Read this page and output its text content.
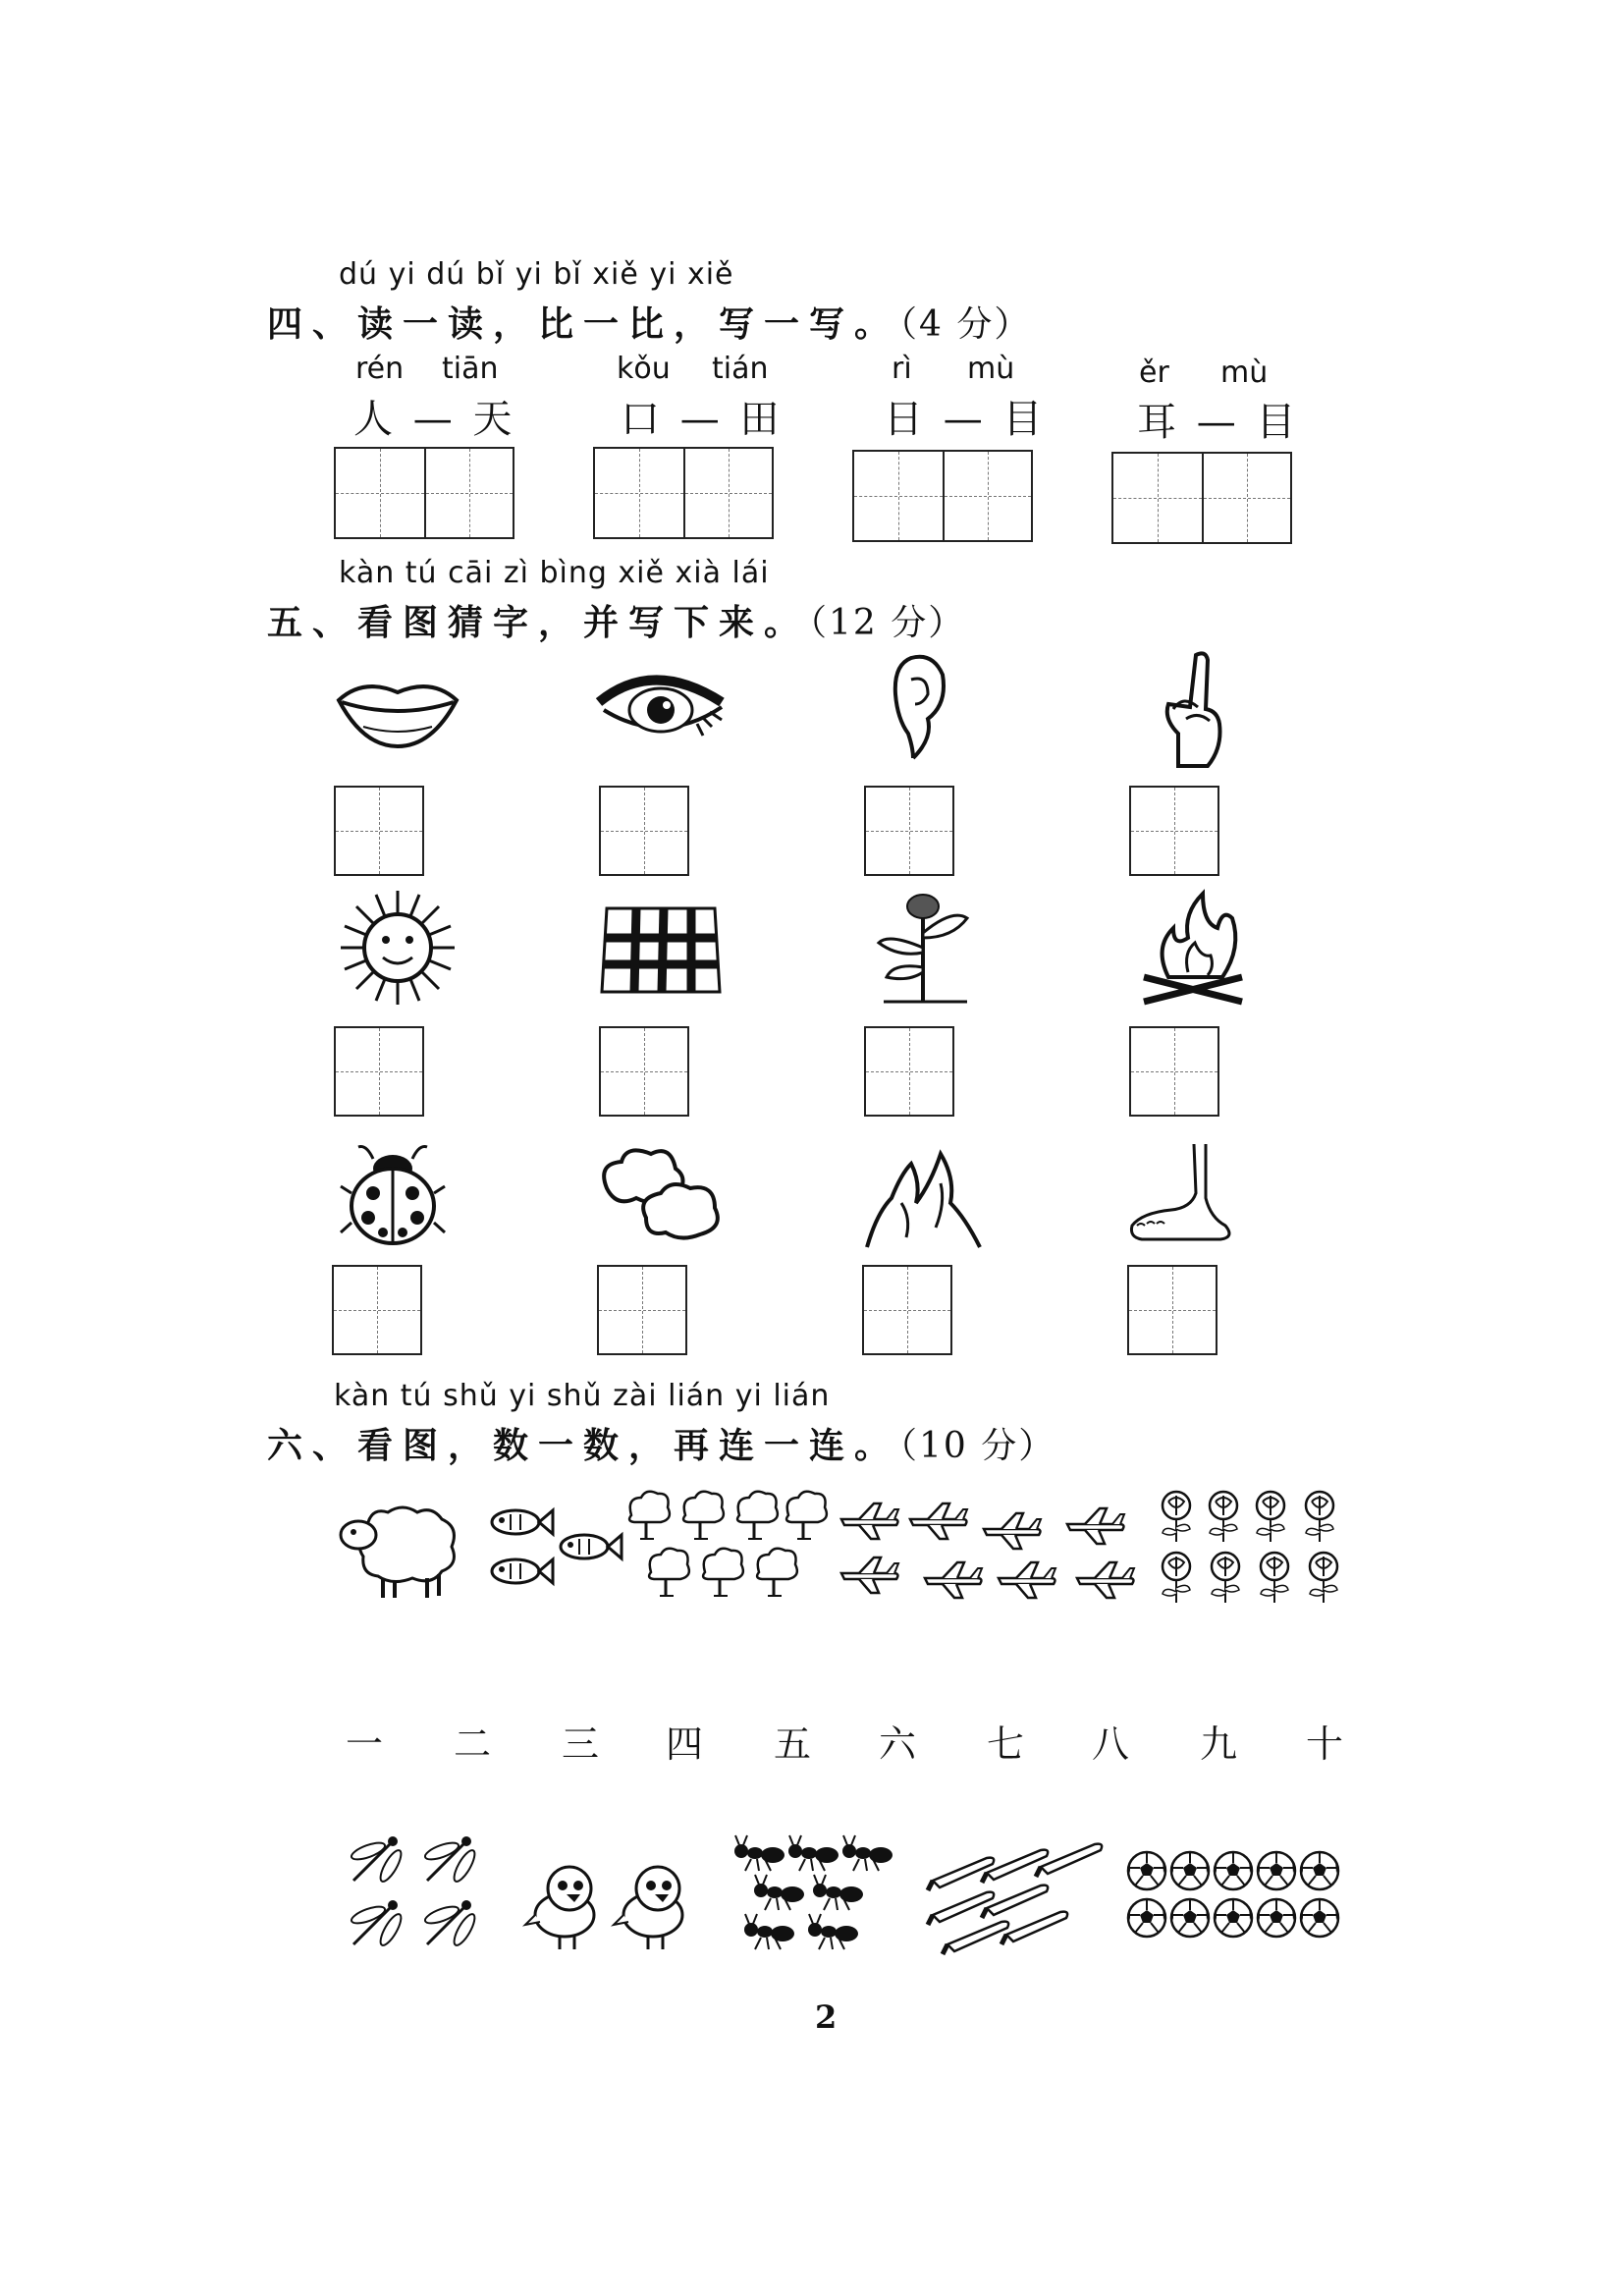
dú yi dú bǐ yi bǐ xiě yi xiě
四、读一读，比一比，写一写。（4 分）
rén tiān
人 — 天
kǒu tián
口 — 田
rì mù
日 — 目
ěr mù
耳 — 目
kàn tú cāi zì bìng xiě xià lái
五、看图猜字，并写下来。（12 分）
kàn tú shǔ yi shǔ zài lián yi lián
六、看图，数一数，再连一连。（10 分）
一 二 三 四 五 六 七 八 九 十
2
